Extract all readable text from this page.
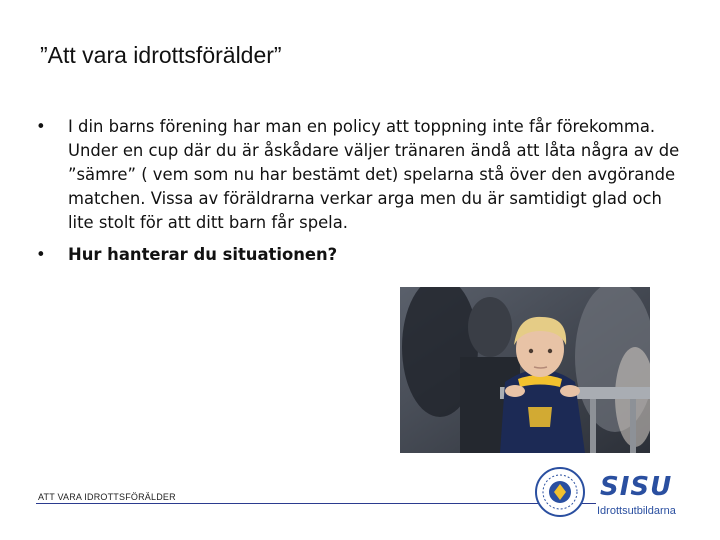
”Att vara idrottsförälder”
•	I din barns förening har man en policy att toppning inte får förekomma. Under en cup där du är åskådare väljer tränaren ändå att låta några av de ”sämre” ( vem som nu har bestämt det) spelarna stå över den avgörande matchen. Vissa av föräldrarna verkar arga men du är samtidigt glad och lite stolt för att ditt barn får spela.
•	Hur hanterar du situationen?
ATT VARA IDROTTSFÖRÄLDER	SISU
Idrottsutbildarna
